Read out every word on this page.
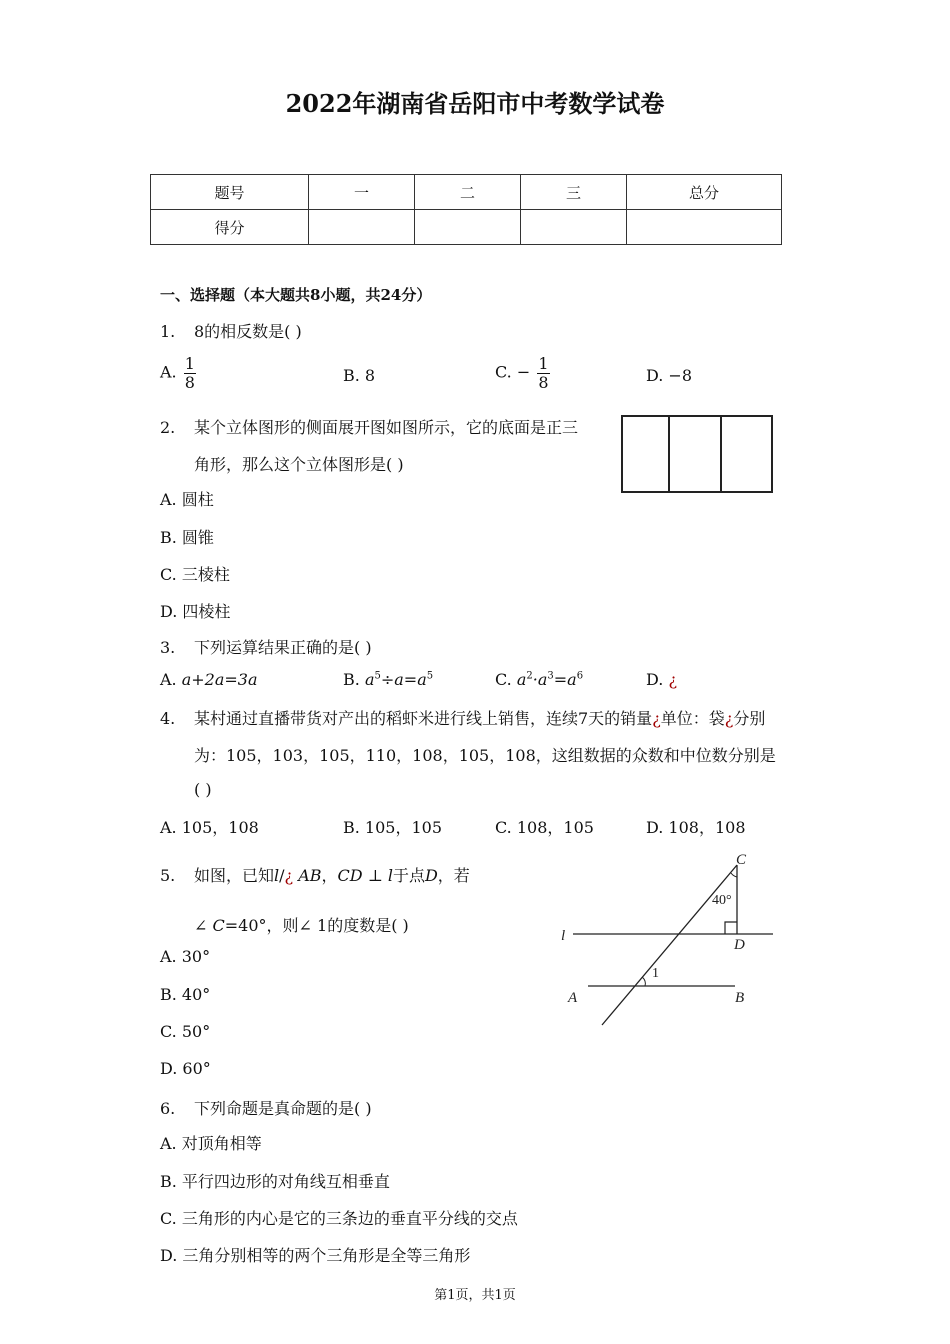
2022年湖南省岳阳市中考数学试卷
题号	一	二	三	总分
得分				
一、选择题（本大题共8小题，共24分）
1. 8的相反数是( )
A. $\frac{1}{8}$	B. 8	C. − $\frac{1}{8}$	D. −8
2. 某个立体图形的侧面展开图如图所示，它的底面是正三
角形，那么这个立体图形是( )
A. 圆柱
B. 圆锥
C. 三棱柱
D. 四棱柱
3. 下列运算结果正确的是( )
A. a+2a=3a	B. $a^5\div a=a^5$	C. $a^2\cdot a^3=a^6$	D. ¿
4. 某村通过直播带货对产出的稻虾米进行线上销售，连续7天的销量¿单位：袋¿分别
为：105，103，105，110，108，105，108，这组数据的众数和中位数分别是
( )
A. 105，108	B. 105，105	C. 108，105	D. 108，108
5. 如图，已知l/¿ AB，CD ⊥ l于点D，若
∠ C=40°，则∠ 1的度数是( )
A. 30°
B. 40°
C. 50°
D. 60°
C
40°
l
D
1
A	B
6. 下列命题是真命题的是( )
A. 对顶角相等
B. 平行四边形的对角线互相垂直
C. 三角形的内心是它的三条边的垂直平分线的交点
D. 三角分别相等的两个三角形是全等三角形
第1页，共1页
